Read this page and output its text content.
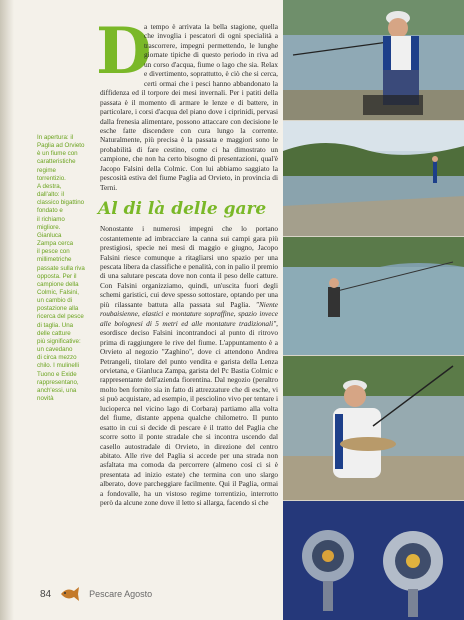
In apertura: il
Paglia ad Orvieto
è un fiume con
caratteristiche
regime
torrentizio.
A destra,
dall'alto: il
classico bigattino
fondato e
il richiamo
migliore.
Gianluca
Zampa cerca
il pesce con
millimetriche
passate sulla riva
opposta. Per il
campione della
Colmic, Falsini,
un cambio di
postazione alla
ricerca del pesce
di taglia. Una
delle catture
più significative:
un cavedano
di circa mezzo
chilo. I mulinelli
Tuono e Exide
rappresentano,
anch'essi, una
novità
D

a tempo è arrivata la bella stagione, quella che invoglia i pescatori di ogni specialità a trascorrere, impegni permettendo, le lunghe giornate tipiche di questo periodo in riva ad un corso d'acqua, fiume o lago che sia. Relax e divertimento, soprattutto, è ciò che si cerca, certi ormai che i pesci hanno abbandonato la diffidenza ed il torpore dei mesi invernali. Per i patiti della passata è il momento di armare le lenze e di battere, in particolare, i corsi d'acqua del piano dove i ciprinidi, pervasi dalla frenesia alimentare, possono attaccare con decisione le esche fatte discendere con cura lungo la corrente. Naturalmente, più precisa è la passata e maggiori sono le probabilità di fare cestino, come ci ha dimostrato un campione, che non ha certo bisogno di presentazioni, qual'è Jacopo Falsini della Colmic. Con lui abbiamo saggiato la pescosità estiva del fiume Paglia ad Orvieto, in provincia di Terni.

Al di là delle gare

Nonostante i numerosi impegni che lo portano costantemente ad imbracciare la canna sui campi gara più prestigiosi, specie nei mesi di maggio e giugno, Jacopo Falsini riesce comunque a ritagliarsi uno spazio per una pescata libera da classifiche e penalità, con in palio il premio di una salutare pescata dove non conta il peso delle catture. Con Falsini organizziamo, quindi, un'uscita fuori degli schemi garistici, cui deve spesso sottostare, optando per una più rilassante battuta alla passata sul Paglia. "Niente roubaisienne, elastici e montature sopraffine, spazio invece alle bolognesi di 5 metri ed alle montature tradizionali", esordisce deciso Falsini incontrandoci al punto di ritrovo prima di raggiungere le rive del fiume. L'appuntamento è a Orvieto al negozio "Zaghino", dove ci attendono Andrea Petrangeli, titolare del punto vendita e garista della Lenza orvietana, e Gianluca Zampa, garista del Pc Bastia Colmic e rappresentante dell'azienda fiorentina. Dal negozio (peraltro molto ben fornito sia in fatto di attrezzature che di esche, vi si può acquistare, ad esempio, il pesciolino vivo per tentare i lucioperca nel vicino lago di Corbara) partiamo alla volta del fiume, distante appena qualche chilometro. Il punto esatto in cui si decide di pescare è il tratto del Paglia che scorre sotto il ponte stradale che si incontra uscendo dal casello autostradale di Orvieto, in direzione del centro abitato. Alle rive del Paglia si accede per una strada non asfaltata ma comoda da percorrere (almeno così ci si è presentata ad inizio estate) che termina con uno slargo alberato, dove parcheggiare facilmente. Qui il Paglia, ormai a fondovalle, ha un vistoso regime torrentizio, interrotto però da alcune zone dove il letto si allarga, facendo sì che

84	Pescare Agosto
